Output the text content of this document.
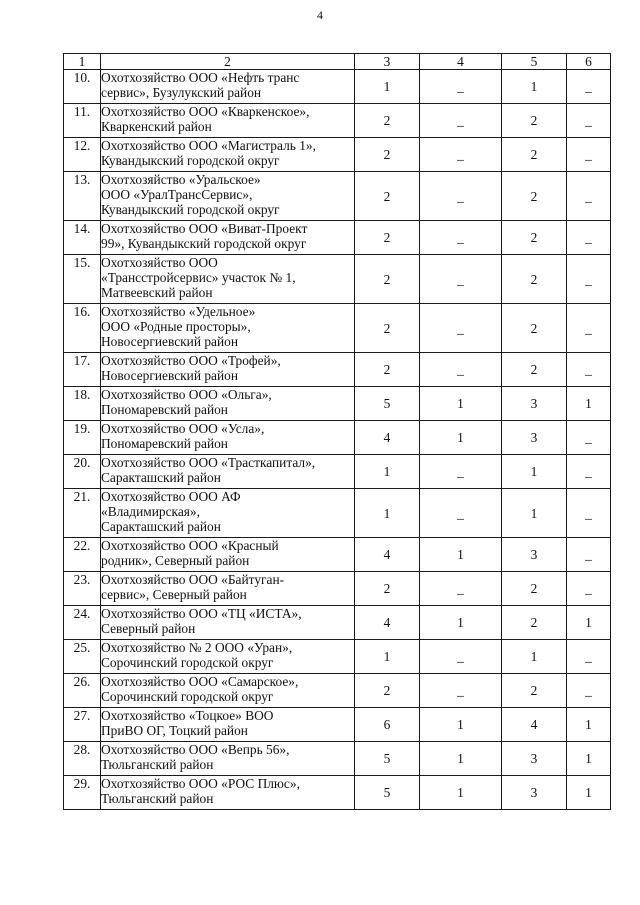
4
1	2	3	4	5	6
10.	Охотхозяйство ООО «Нефть транс
сервис», Бузулукский район	1	_	1	_
11.	Охотхозяйство ООО «Кваркенское»,
Кваркенский район	2	_	2	_
12.	Охотхозяйство ООО «Магистраль 1»,
Кувандыкский городской округ	2	_	2	_
13.	Охотхозяйство «Уральское»
ООО «УралТрансСервис»,
Кувандыкский городской округ	2	_	2	_
14.	Охотхозяйство ООО «Виват-Проект
99», Кувандыкский городской округ	2	_	2	_
15.	Охотхозяйство ООО
«Трансстройсервис» участок № 1,
Матвеевский район	2	_	2	_
16.	Охотхозяйство «Удельное»
ООО «Родные просторы»,
Новосергиевский район	2	_	2	_
17.	Охотхозяйство ООО «Трофей»,
Новосергиевский район	2	_	2	_
18.	Охотхозяйство ООО «Ольга»,
Пономаревский район	5	1	3	1
19.	Охотхозяйство ООО «Усла»,
Пономаревский район	4	1	3	_
20.	Охотхозяйство ООО «Трасткапитал»,
Саракташский район	1	_	1	_
21.	Охотхозяйство ООО АФ
«Владимирская»,
Саракташский район	1	_	1	_
22.	Охотхозяйство ООО «Красный
родник», Северный район	4	1	3	_
23.	Охотхозяйство ООО «Байтуган-
сервис», Северный район	2	_	2	_
24.	Охотхозяйство ООО «ТЦ «ИСТА»,
Северный район	4	1	2	1
25.	Охотхозяйство № 2 ООО «Уран»,
Сорочинский городской округ	1	_	1	_
26.	Охотхозяйство ООО «Самарское»,
Сорочинский городской округ	2	_	2	_
27.	Охотхозяйство «Тоцкое» ВОО
ПриВО ОГ, Тоцкий район	6	1	4	1
28.	Охотхозяйство ООО «Вепрь 56»,
Тюльганский район	5	1	3	1
29.	Охотхозяйство ООО «РОС Плюс»,
Тюльганский район	5	1	3	1
